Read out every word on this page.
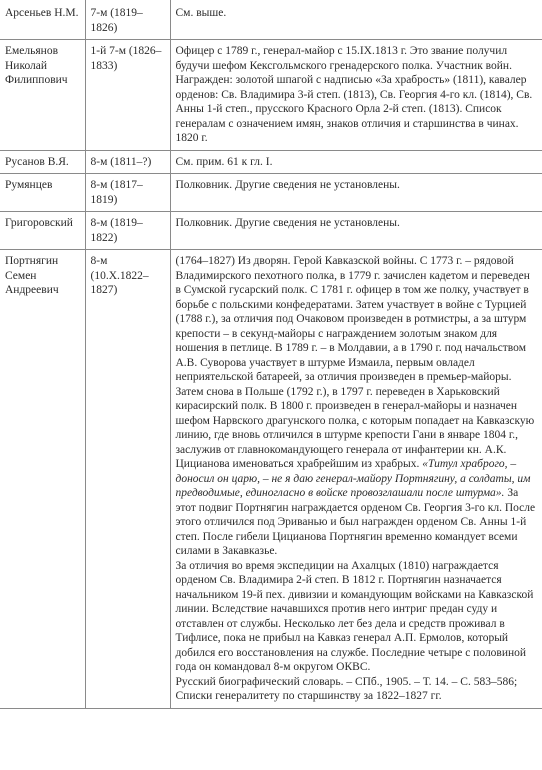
Арсеньев Н.М.	7-м (1819–1826)	См. выше.

Емельянов Николай Филиппович	1-й 7-м (1826–1833)	Офицер с 1789 г., генерал-майор с 15.IX.1813 г. Это звание получил будучи шефом Кексгольмского гренадерского полка. Участник войн.

Награжден: золотой шпагой с надписью «За храбрость» (1811), кавалер орденов: Св. Владимира 3-й степ. (1813), Св. Георгия 4-го кл. (1814), Св. Анны 1-й степ., прусского Красного Орла 2-й степ. (1813). Список генералам с означением имян, знаков отличия и старшинства в чинах. 1820 г.

Русанов В.Я.	8-м (1811–?)	См. прим. 61 к гл. I.

Румянцев	8-м (1817–1819)	Полковник. Другие сведения не установлены.

Григоровский	8-м (1819–1822)	Полковник. Другие сведения не установлены.

Портнягин Семен Андреевич	8-м (10.X.1822–1827)	(1764–1827) Из дворян. Герой Кавказской войны. С 1773 г. – рядовой Владимирского пехотного полка, в 1779 г. зачислен кадетом и переведен в Сумской гусарский полк. С 1781 г. офицер в том же полку, участвует в борьбе с польскими конфедератами. Затем участвует в войне с Турцией (1788 г.), за отличия под Очаковом произведен в ротмистры, а за штурм крепости – в секунд-майоры с награждением золотым знаком для ношения в петлице. В 1789 г. – в Молдавии, а в 1790 г. под начальством А.В. Суворова участвует в штурме Измаила, первым овладел неприятельской батареей, за отличия произведен в премьер-майоры. Затем снова в Польше (1792 г.), в 1797 г. переведен в Харьковский кирасирский полк. В 1800 г. произведен в генерал-майоры и назначен шефом Нарвского драгунского полка, с которым попадает на Кавказскую линию, где вновь отличился в штурме крепости Гани в январе 1804 г., заслужив от главнокомандующего генерала от инфантерии кн. А.К. Цицианова именоваться храбрейшим из храбрых. «Титул храброго, – доносил он царю, – не я даю генерал-майору Портнягину, а солдаты, им предводимые, единогласно в войске провозглашали после штурма». За этот подвиг Портнягин награждается орденом Св. Георгия 3-го кл. После этого отличился под Эриванью и был награжден орденом Св. Анны 1-й степ. После гибели Цицианова Портнягин временно командует всеми силами в Закавказье.

За отличия во время экспедиции на Ахалцых (1810) награждается орденом Св. Владимира 2-й степ. В 1812 г. Портнягин назначается начальником 19-й пех. дивизии и командующим войсками на Кавказской линии. Вследствие начавшихся против него интриг предан суду и отставлен от службы. Несколько лет без дела и средств проживал в Тифлисе, пока не прибыл на Кавказ генерал А.П. Ермолов, который добился его восстановления на службе. Последние четыре с половиной года он командовал 8-м округом ОКВС.

Русский биографический словарь. – СПб., 1905. – Т. 14. – С. 583–586;

Списки генералитету по старшинству за 1822–1827 гг.
